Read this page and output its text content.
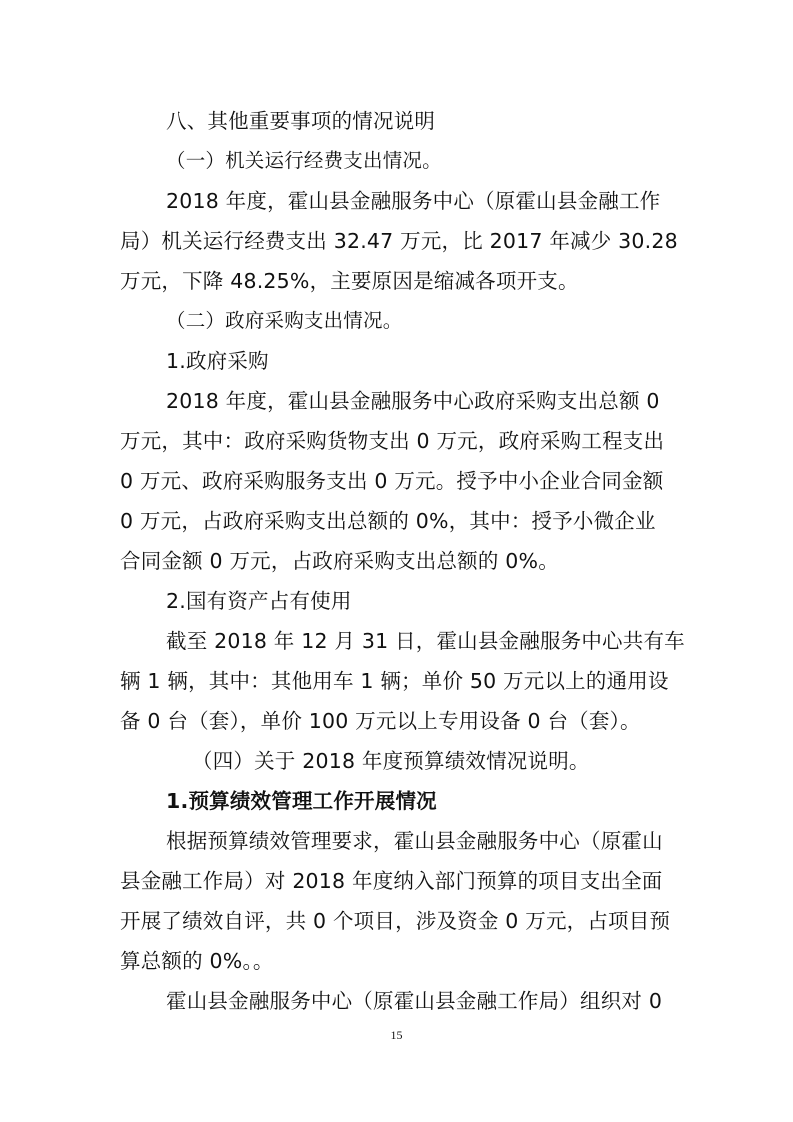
八、其他重要事项的情况说明
（一）机关运行经费支出情况。
2018 年度，霍山县金融服务中心（原霍山县金融工作
局）机关运行经费支出 32.47 万元，比 2017 年减少 30.28
万元，下降 48.25%，主要原因是缩减各项开支。
（二）政府采购支出情况。
1.政府采购
2018 年度，霍山县金融服务中心政府采购支出总额 0
万元，其中：政府采购货物支出 0 万元，政府采购工程支出
0 万元、政府采购服务支出 0 万元。授予中小企业合同金额
0 万元，占政府采购支出总额的 0%，其中：授予小微企业
合同金额 0 万元，占政府采购支出总额的 0%。
2.国有资产占有使用
截至 2018 年 12 月 31 日，霍山县金融服务中心共有车
辆 1 辆，其中：其他用车 1 辆；单价 50 万元以上的通用设
备 0 台（套），单价 100 万元以上专用设备 0 台（套）。
（四）关于 2018 年度预算绩效情况说明。
1.预算绩效管理工作开展情况
根据预算绩效管理要求，霍山县金融服务中心（原霍山
县金融工作局）对 2018 年度纳入部门预算的项目支出全面
开展了绩效自评，共 0 个项目，涉及资金 0 万元，占项目预
算总额的 0%。。
霍山县金融服务中心（原霍山县金融工作局）组织对 0
15
